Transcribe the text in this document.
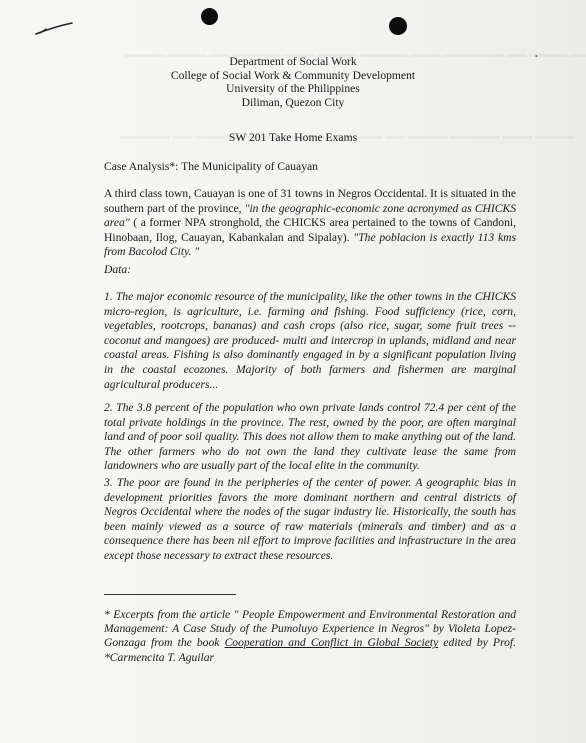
•
Department of Social Work
College of Social Work & Community Development
University of the Philippines
Diliman, Quezon City
SW 201 Take Home Exams
Case Analysis*: The Municipality of Cauayan
A third class town, Cauayan is one of 31 towns in Negros Occidental. It is situated in the southern part of the province, "in the geographic-economic zone acronymed as CHICKS area" ( a former NPA stronghold, the CHICKS area pertained to the towns of Candoni, Hinobaan, Ilog, Cauayan, Kabankalan and Sipalay). "The poblacion is exactly 113 kms from Bacolod City. "
Data:
1. The major economic resource of the municipality, like the other towns in the CHICKS micro-region, is agriculture, i.e. farming and fishing. Food sufficiency (rice, corn, vegetables, rootcrops, bananas) and cash crops (also rice, sugar, some fruit trees -- coconut and mangoes) are produced- multi and intercrop in uplands, midland and near coastal areas. Fishing is also dominantly engaged in by a significant population living in the coastal ecozones. Majority of both farmers and fishermen are marginal agricultural producers...
2. The 3.8 percent of the population who own private lands control 72.4 per cent of the total private holdings in the province. The rest, owned by the poor, are often marginal land and of poor soil quality. This does not allow them to make anything out of the land. The other farmers who do not own the land they cultivate lease the same from landowners who are usually part of the local elite in the community.
3. The poor are found in the peripheries of the center of power. A geographic bias in development priorities favors the more dominant northern and central districts of Negros Occidental where the nodes of the sugar industry lie. Historically, the south has been mainly viewed as a source of raw materials (minerals and timber) and as a consequence there has been nil effort to improve facilities and infrastructure in the area except those necessary to extract these resources.
* Excerpts from the article " People Empowerment and Environmental Restoration and Management: A Case Study of the Pumoluyo Experience in Negros" by Violeta Lopez-Gonzaga from the book Cooperation and Conflict in Global Society edited by Prof. *Carmencita T. Aguilar
